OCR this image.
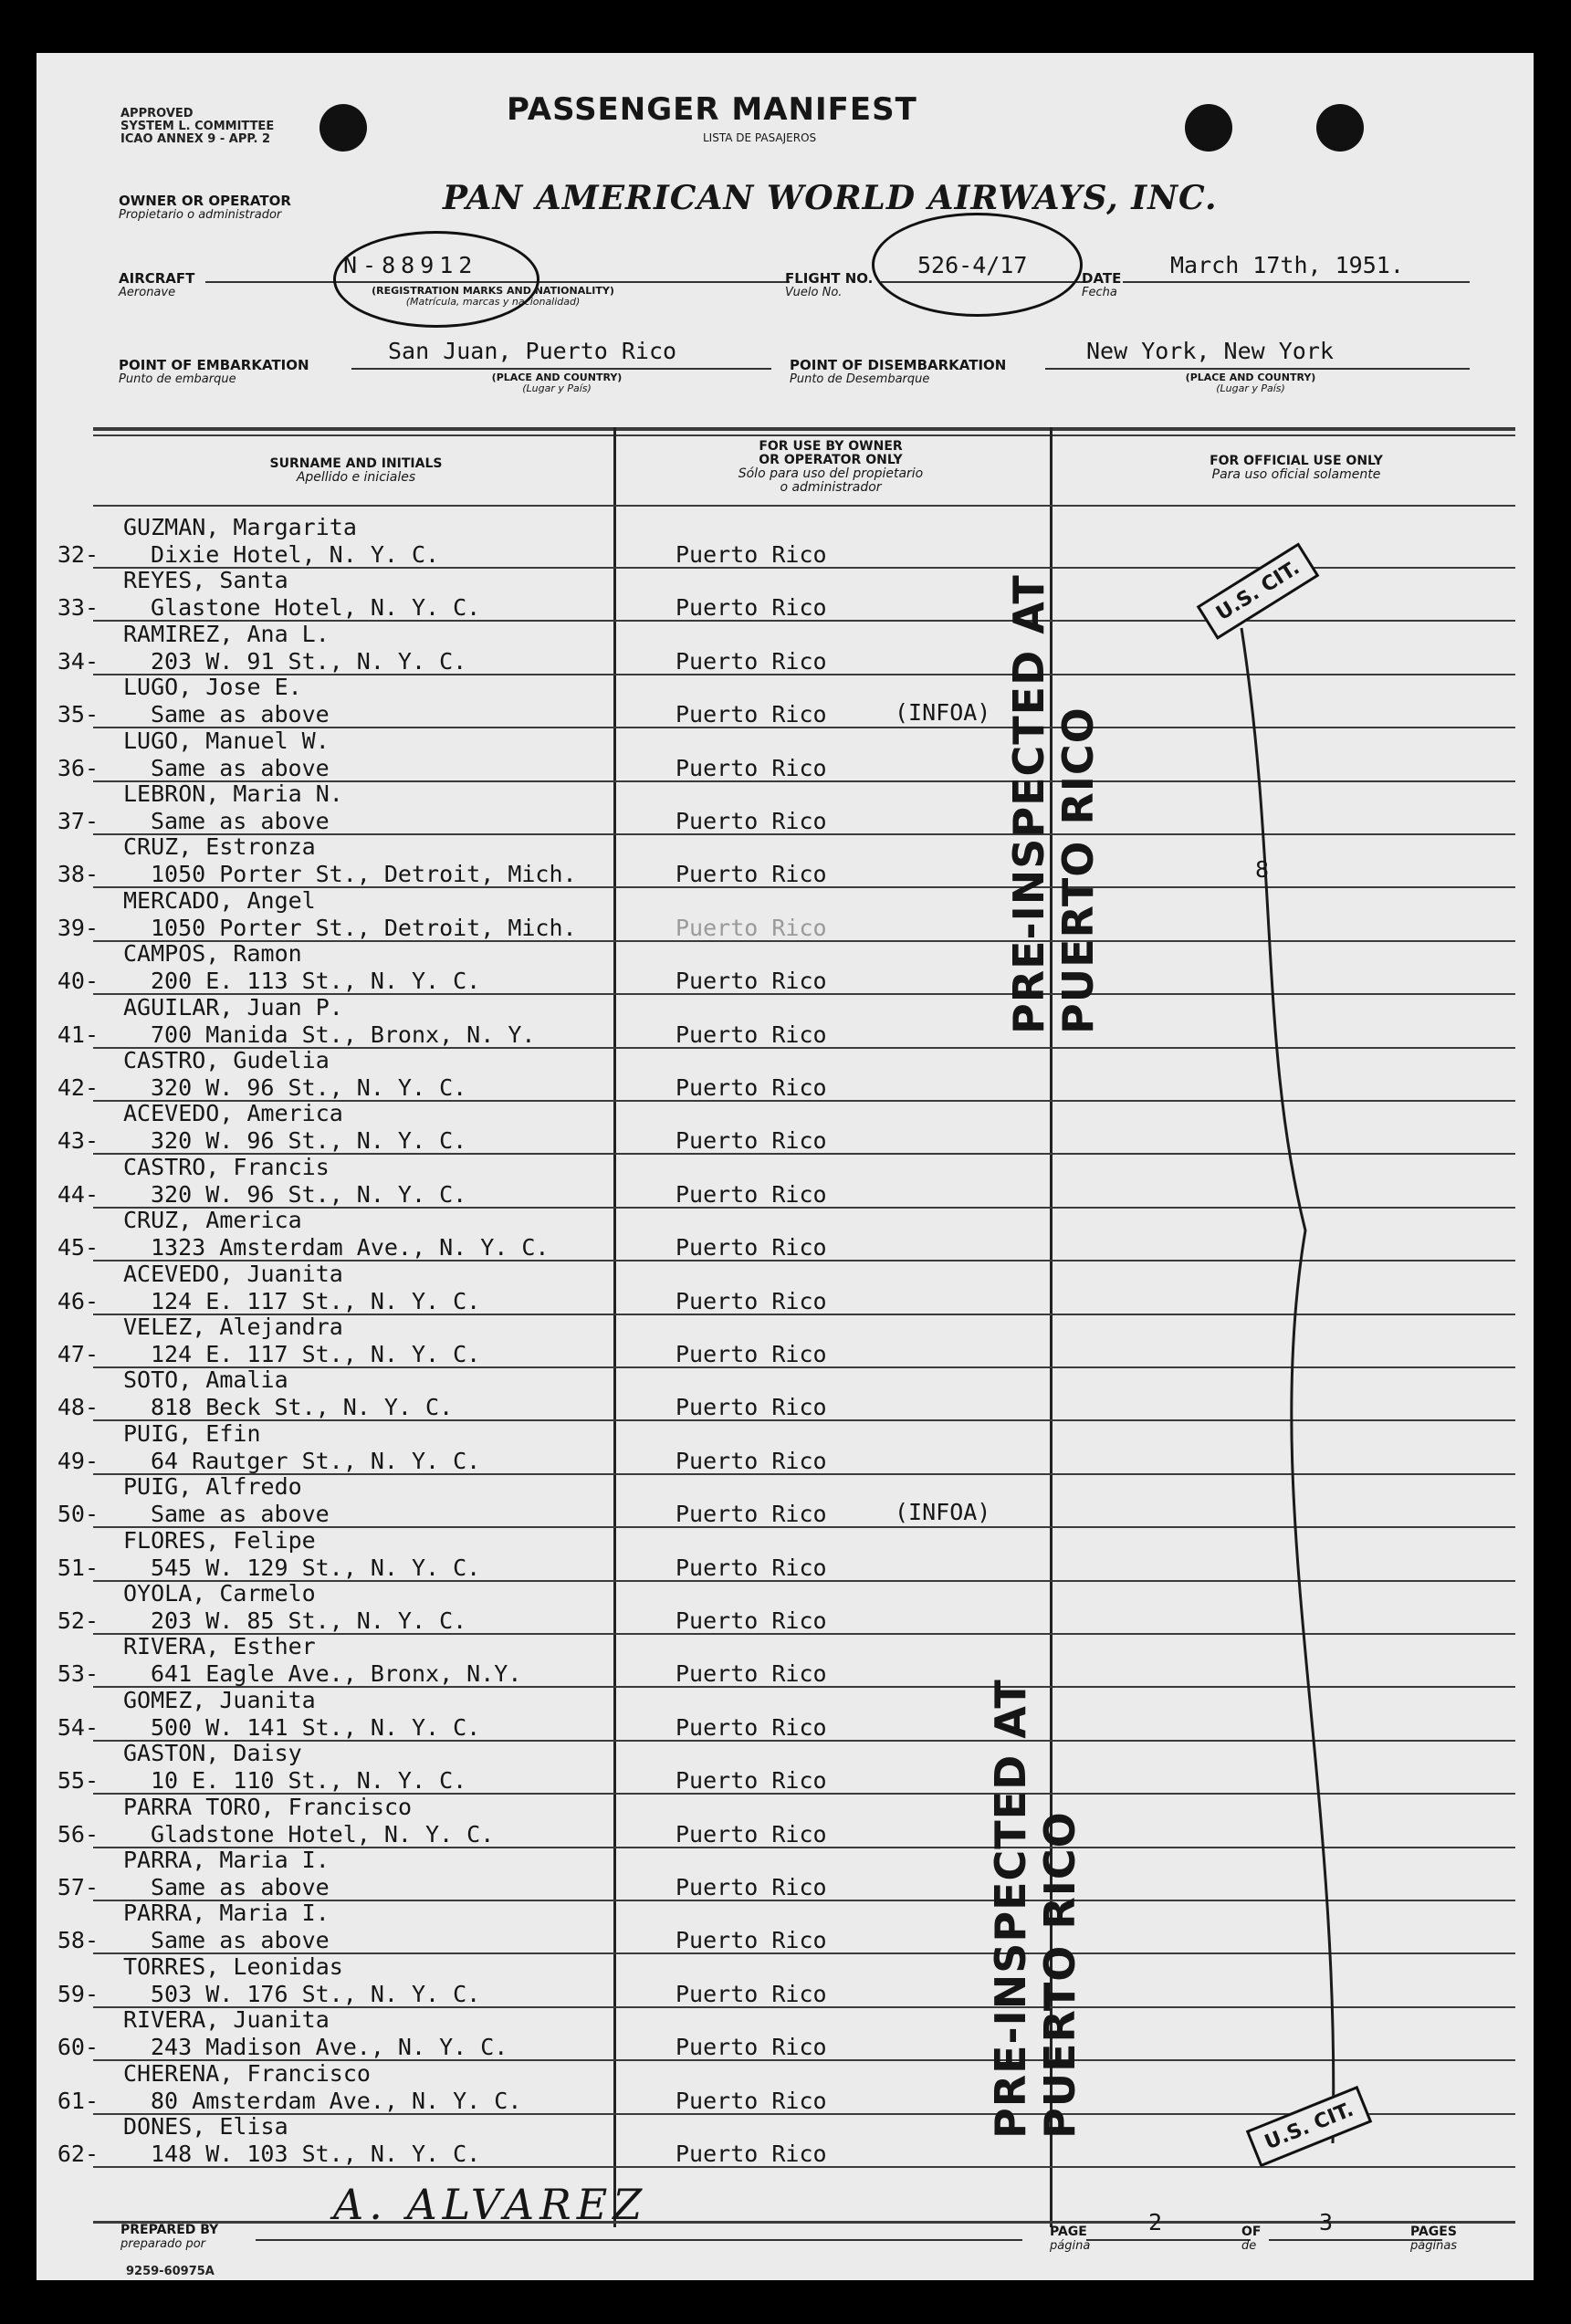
APPROVED
SYSTEM L. COMMITTEE
ICAO ANNEX 9 - APP. 2
PASSENGER MANIFEST
LISTA DE PASAJEROS
OWNER OR OPERATOR
Propietario o administrador	PAN AMERICAN WORLD AIRWAYS, INC.
AIRCRAFT
Aeronave
N-88912
(REGISTRATION MARKS AND NATIONALITY)
(Matrícula, marcas y nacionalidad)
FLIGHT NO.
Vuelo No.
526-4/17	DATE
Fecha
March 17th, 1951.
POINT OF EMBARKATION
Punto de embarque
San Juan, Puerto Rico
(PLACE AND COUNTRY)
(Lugar y País)
POINT OF DISEMBARKATION
Punto de Desembarque
New York, New York
(PLACE AND COUNTRY)
(Lugar y País)
SURNAME AND INITIALS
Apellido e iniciales
FOR USE BY OWNER
OR OPERATOR ONLY
Sólo para uso del propietario
o administrador
FOR OFFICIAL USE ONLY
Para uso oficial solamente
32-
GUZMAN, Margarita
Dixie Hotel, N. Y. C.	Puerto Rico
33-
REYES, Santa
Glastone Hotel, N. Y. C.	Puerto Rico
34-
RAMIREZ, Ana L.
203 W. 91 St., N. Y. C.	Puerto Rico
35-
LUGO, Jose E.
Same as above	Puerto Rico	(INFOA)
36-
LUGO, Manuel W.
Same as above	Puerto Rico
37-
LEBRON, Maria N.
Same as above	Puerto Rico
38-
CRUZ, Estronza
1050 Porter St., Detroit, Mich.	Puerto Rico
39-
MERCADO, Angel
1050 Porter St., Detroit, Mich.	Puerto Rico
40-
CAMPOS, Ramon
200 E. 113 St., N. Y. C.	Puerto Rico
41-
AGUILAR, Juan P.
700 Manida St., Bronx, N. Y.	Puerto Rico
42-
CASTRO, Gudelia
320 W. 96 St., N. Y. C.	Puerto Rico
43-
ACEVEDO, America
320 W. 96 St., N. Y. C.	Puerto Rico
44-
CASTRO, Francis
320 W. 96 St., N. Y. C.	Puerto Rico
45-
CRUZ, America
1323 Amsterdam Ave., N. Y. C.	Puerto Rico
46-
ACEVEDO, Juanita
124 E. 117 St., N. Y. C.	Puerto Rico
47-
VELEZ, Alejandra
124 E. 117 St., N. Y. C.	Puerto Rico
48-
SOTO, Amalia
818 Beck St., N. Y. C.	Puerto Rico
49-
PUIG, Efin
64 Rautger St., N. Y. C.	Puerto Rico
50-
PUIG, Alfredo
Same as above	Puerto Rico	(INFOA)
51-
FLORES, Felipe
545 W. 129 St., N. Y. C.	Puerto Rico
52-
OYOLA, Carmelo
203 W. 85 St., N. Y. C.	Puerto Rico
53-
RIVERA, Esther
641 Eagle Ave., Bronx, N.Y.	Puerto Rico
54-
GOMEZ, Juanita
500 W. 141 St., N. Y. C.	Puerto Rico
55-
GASTON, Daisy
10 E. 110 St., N. Y. C.	Puerto Rico
56-
PARRA TORO, Francisco
Gladstone Hotel, N. Y. C.	Puerto Rico
57-
PARRA, Maria I.
Same as above	Puerto Rico
58-
PARRA, Maria I.
Same as above	Puerto Rico
59-
TORRES, Leonidas
503 W. 176 St., N. Y. C.	Puerto Rico
60-
RIVERA, Juanita
243 Madison Ave., N. Y. C.	Puerto Rico
61-
CHERENA, Francisco
80 Amsterdam Ave., N. Y. C.	Puerto Rico
62-
DONES, Elisa
148 W. 103 St., N. Y. C.	Puerto Rico
PRE-INSPECTED AT PUERTO RICO
PRE-INSPECTED AT PUERTO RICO
U.S. CIT.
U.S. CIT.
8
PREPARED BY
preparado por
A. ALVAREZ
PAGE
página
2	OF
de
3	PAGES
páginas
9259-60975A
